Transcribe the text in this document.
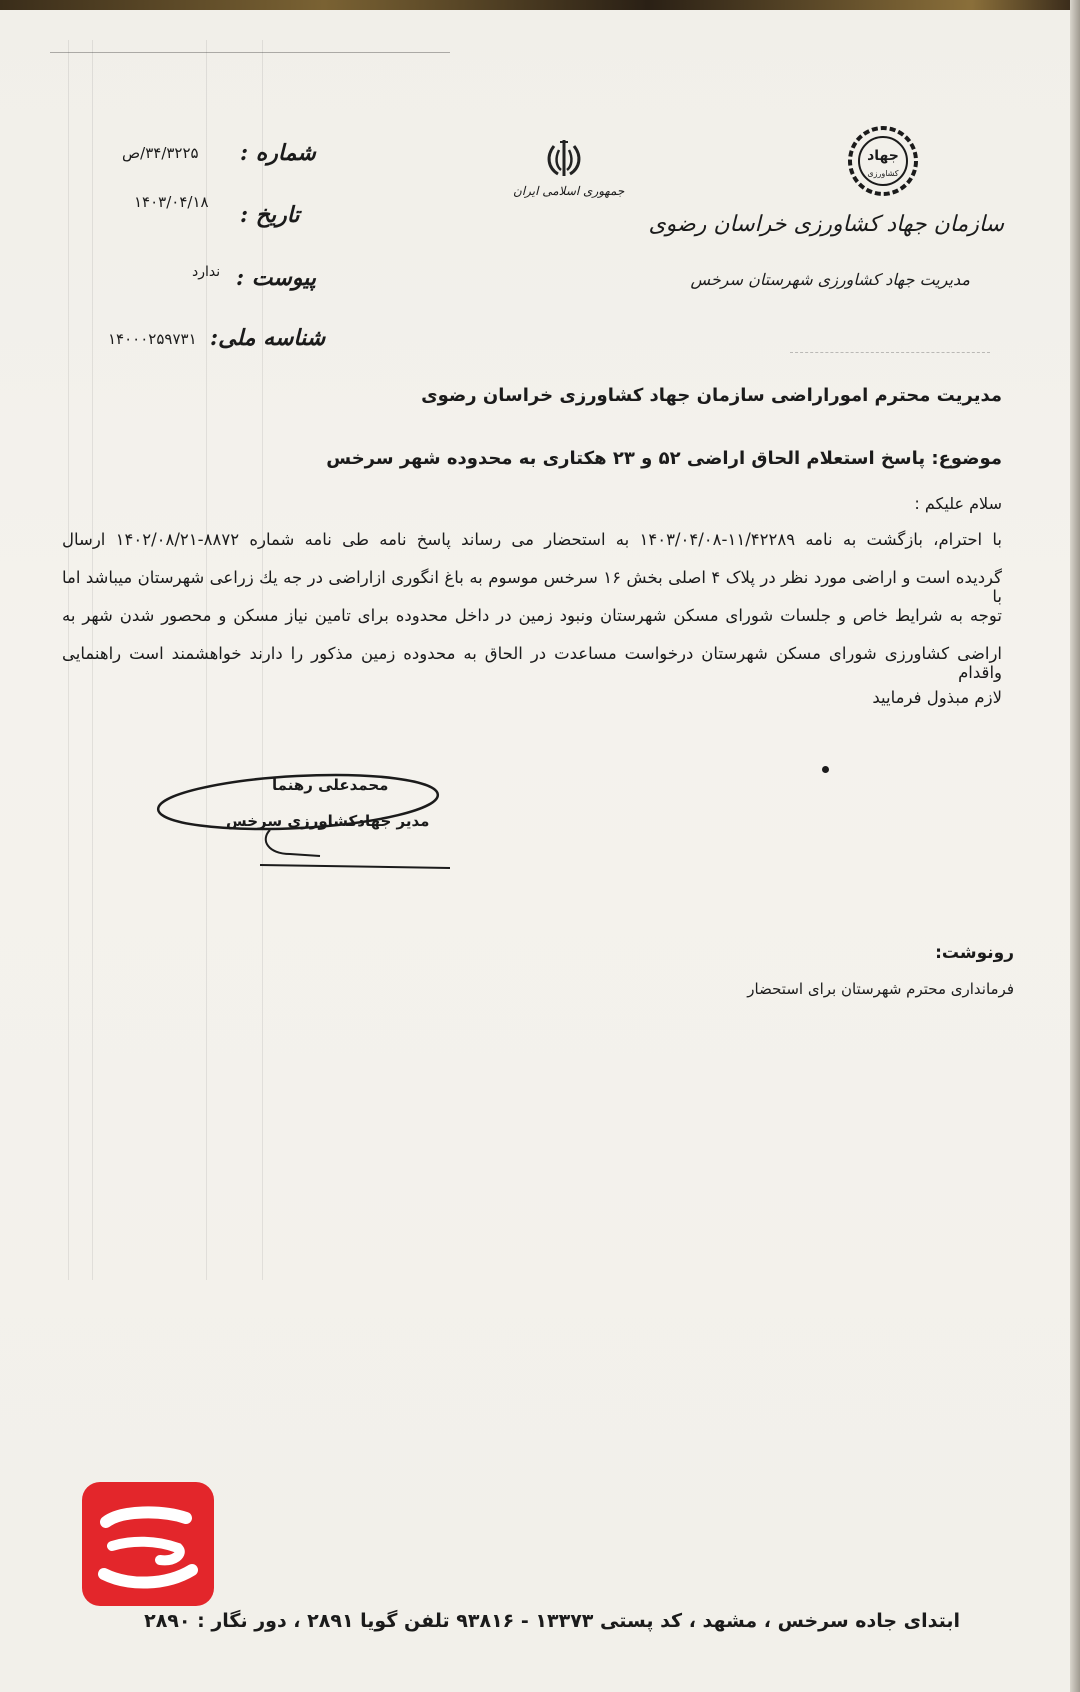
جمهوری اسلامی ایران
جهاد
کشاورزی
سازمان جهاد کشاورزی خراسان رضوی
مدیریت جهاد کشاورزی شهرستان سرخس
شماره :
۳۴/۳۲۲۵/ص
تاریخ :
۱۴۰۳/۰۴/۱۸
پیوست :
ندارد
شناسه ملی:
۱۴۰۰۰۲۵۹۷۳۱
مدیریت محترم اموراراضی سازمان جهاد کشاورزی خراسان رضوی
موضوع: پاسخ استعلام الحاق اراضی ۵۲ و ۲۳ هکتاری به محدوده شهر سرخس
سلام علیکم :
با احترام، بازگشت به نامه ۱۱/۴۲۲۸۹-۱۴۰۳/۰۴/۰۸ به استحضار می رساند پاسخ نامه طی نامه شماره ۸۸۷۲-۱۴۰۲/۰۸/۲۱ ارسال
گردیده است و اراضی مورد نظر در پلاک ۴ اصلی بخش ۱۶ سرخس موسوم به باغ انگوری ازاراضی در جه یك زراعی شهرستان میباشد اما با
توجه به شرایط خاص و جلسات شورای مسکن شهرستان ونبود زمین در داخل محدوده برای تامین نیاز مسکن و محصور شدن شهر به
اراضی کشاورزی شورای مسکن شهرستان درخواست مساعدت در الحاق به محدوده زمین مذکور را دارند خواهشمند است راهنمایی واقدام
لازم مبذول فرمایید
محمدعلی رهنما
مدیر جهادکشاورزی سرخس
رونوشت:
فرمانداری محترم شهرستان برای استحضار
صبح
ابتدای جاده سرخس ، مشهد ، کد پستی ۱۳۳۷۳ - ۹۳۸۱۶ تلفن گویا ۲۸۹۱ ، دور نگار : ۲۸۹۰
